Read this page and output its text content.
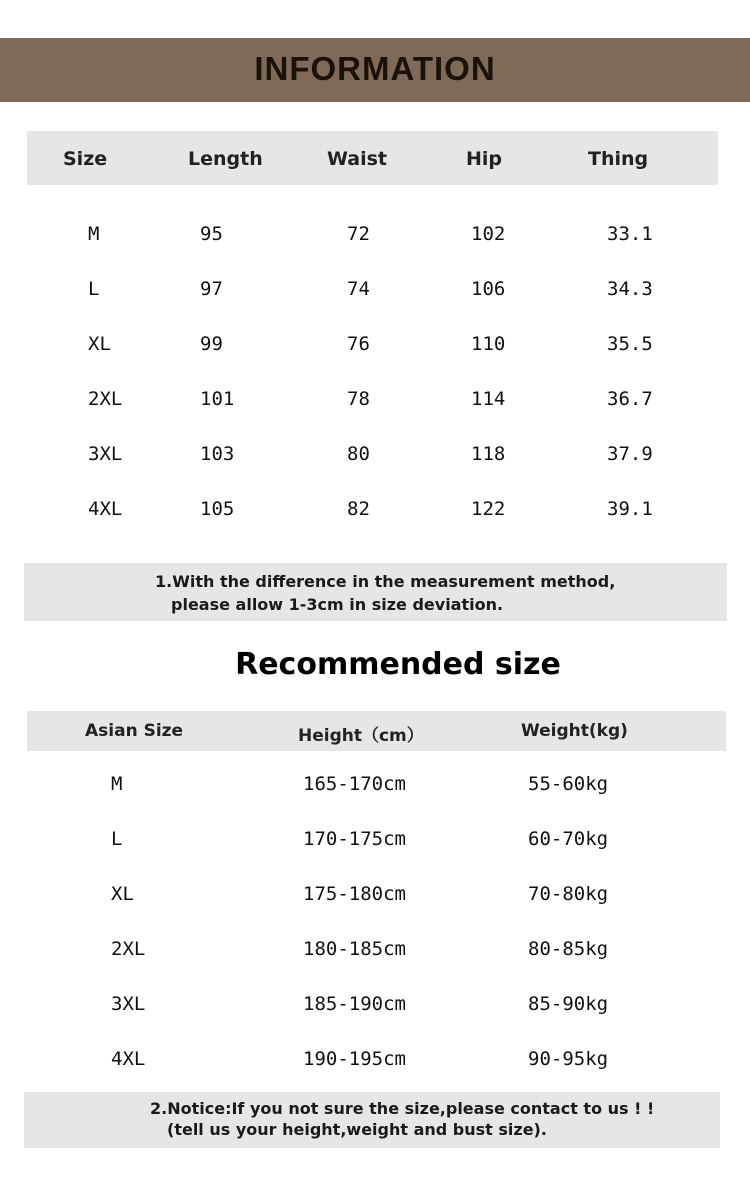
INFORMATION
Size	Length	Waist	Hip	Thing
M	95	72	102	33.1
L	97	74	106	34.3
XL	99	76	110	35.5
2XL	101	78	114	36.7
3XL	103	80	118	37.9
4XL	105	82	122	39.1
1.With the difference in the measurement method,
please allow 1-3cm in size deviation.
Recommended size
Asian Size	Height（cm）	Weight(kg)
M	165-170cm	55-60kg
L	170-175cm	60-70kg
XL	175-180cm	70-80kg
2XL	180-185cm	80-85kg
3XL	185-190cm	85-90kg
4XL	190-195cm	90-95kg
2.Notice:If you not sure the size,please contact to us ! !
(tell us your height,weight and bust size).
